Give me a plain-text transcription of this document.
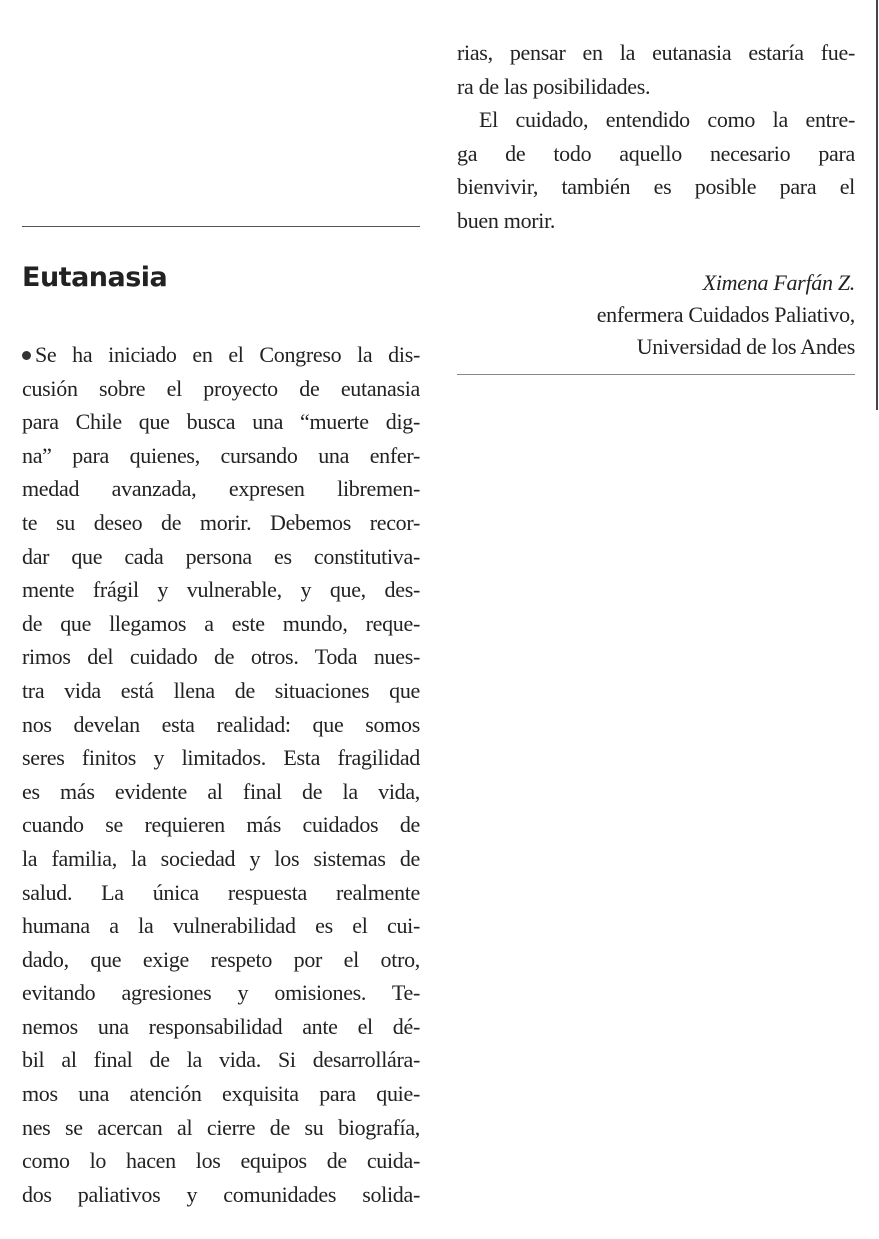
Eutanasia
Se ha iniciado en el Congreso la dis-
cusión sobre el proyecto de eutanasia
para Chile que busca una “muerte dig-
na” para quienes, cursando una enfer-
medad avanzada, expresen libremen-
te su deseo de morir. Debemos recor-
dar que cada persona es constitutiva-
mente frágil y vulnerable, y que, des-
de que llegamos a este mundo, reque-
rimos del cuidado de otros. Toda nues-
tra vida está llena de situaciones que
nos develan esta realidad: que somos
seres finitos y limitados. Esta fragilidad
es más evidente al final de la vida,
cuando se requieren más cuidados de
la familia, la sociedad y los sistemas de
salud. La única respuesta realmente
humana a la vulnerabilidad es el cui-
dado, que exige respeto por el otro,
evitando agresiones y omisiones. Te-
nemos una responsabilidad ante el dé-
bil al final de la vida. Si desarrollára-
mos una atención exquisita para quie-
nes se acercan al cierre de su biografía,
como lo hacen los equipos de cuida-
dos paliativos y comunidades solida-
rias, pensar en la eutanasia estaría fue-
ra de las posibilidades.
El cuidado, entendido como la entre-
ga de todo aquello necesario para
bienvivir, también es posible para el
buen morir.
Ximena Farfán Z.
enfermera Cuidados Paliativo,
Universidad de los Andes
